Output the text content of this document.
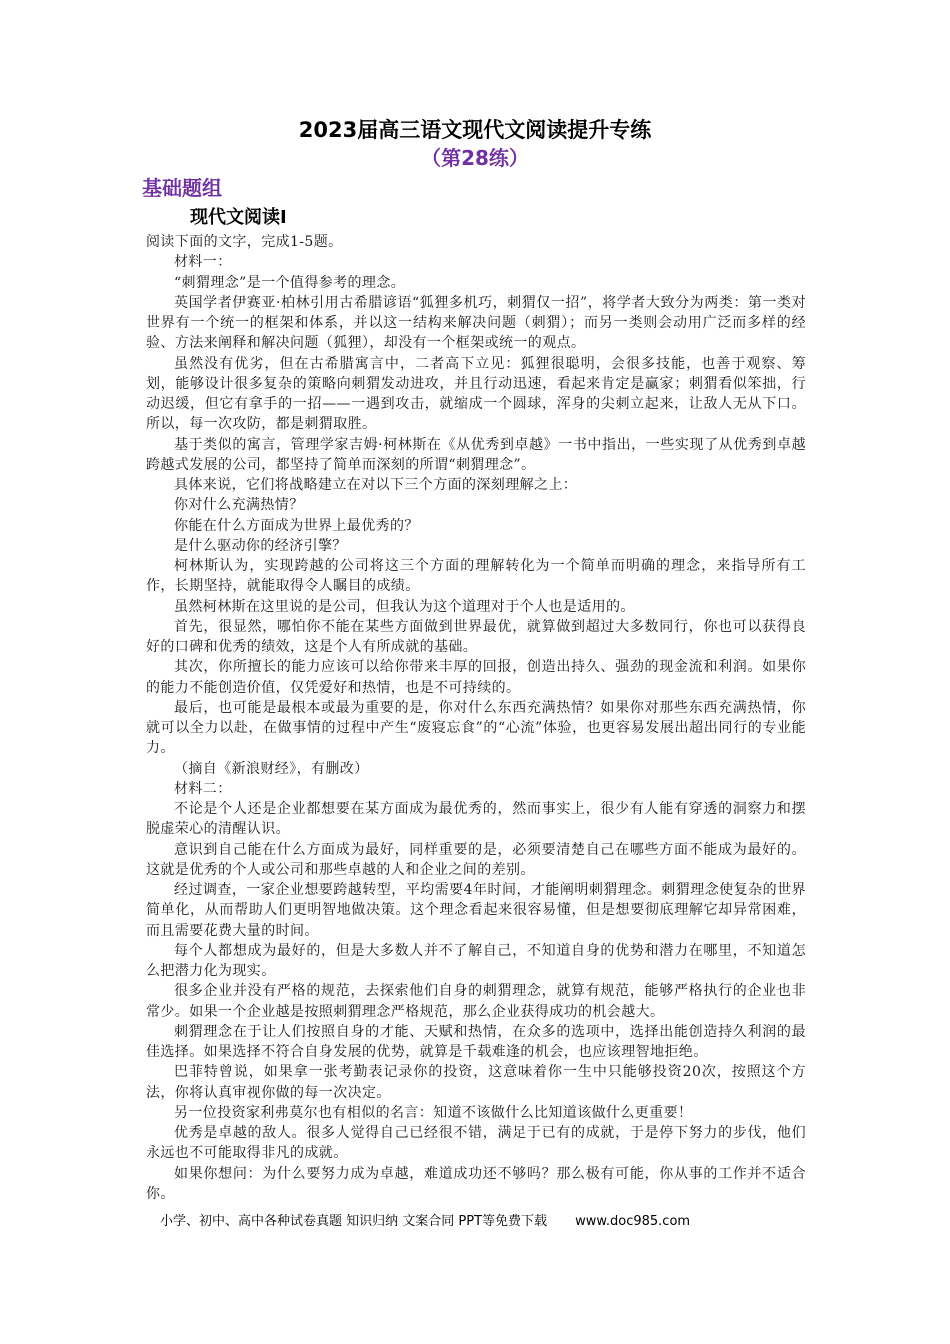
2023届高三语文现代文阅读提升专练
（第28练）
基础题组
现代文阅读Ⅰ

阅读下面的文字，完成1-5题。

材料一：

“刺猬理念”是一个值得参考的理念。

英国学者伊赛亚·柏林引用古希腊谚语“狐狸多机巧，刺猬仅一招”，将学者大致分为两类：第一类对世界有一个统一的框架和体系，并以这一结构来解决问题（刺猬）；而另一类则会动用广泛而多样的经验、方法来阐释和解决问题（狐狸），却没有一个框架或统一的观点。

虽然没有优劣，但在古希腊寓言中，二者高下立见：狐狸很聪明，会很多技能，也善于观察、筹划，能够设计很多复杂的策略向刺猬发动进攻，并且行动迅速，看起来肯定是赢家；刺猬看似笨拙，行动迟缓，但它有拿手的一招——一遇到攻击，就缩成一个圆球，浑身的尖刺立起来，让敌人无从下口。所以，每一次攻防，都是刺猬取胜。

基于类似的寓言，管理学家吉姆·柯林斯在《从优秀到卓越》一书中指出，一些实现了从优秀到卓越跨越式发展的公司，都坚持了简单而深刻的所谓“刺猬理念”。

具体来说，它们将战略建立在对以下三个方面的深刻理解之上：

你对什么充满热情？

你能在什么方面成为世界上最优秀的？

是什么驱动你的经济引擎？

柯林斯认为，实现跨越的公司将这三个方面的理解转化为一个简单而明确的理念，来指导所有工作，长期坚持，就能取得令人瞩目的成绩。

虽然柯林斯在这里说的是公司，但我认为这个道理对于个人也是适用的。

首先，很显然，哪怕你不能在某些方面做到世界最优，就算做到超过大多数同行，你也可以获得良好的口碑和优秀的绩效，这是个人有所成就的基础。

其次，你所擅长的能力应该可以给你带来丰厚的回报，创造出持久、强劲的现金流和利润。如果你的能力不能创造价值，仅凭爱好和热情，也是不可持续的。

最后，也可能是最根本或最为重要的是，你对什么东西充满热情？如果你对那些东西充满热情，你就可以全力以赴，在做事情的过程中产生“废寝忘食”的“心流”体验，也更容易发展出超出同行的专业能力。

（摘自《新浪财经》，有删改）

材料二：

不论是个人还是企业都想要在某方面成为最优秀的，然而事实上，很少有人能有穿透的洞察力和摆脱虚荣心的清醒认识。

意识到自己能在什么方面成为最好，同样重要的是，必须要清楚自己在哪些方面不能成为最好的。这就是优秀的个人或公司和那些卓越的人和企业之间的差别。

经过调查，一家企业想要跨越转型，平均需要4年时间，才能阐明刺猬理念。刺猬理念使复杂的世界简单化，从而帮助人们更明智地做决策。这个理念看起来很容易懂，但是想要彻底理解它却异常困难，而且需要花费大量的时间。

每个人都想成为最好的，但是大多数人并不了解自己，不知道自身的优势和潜力在哪里，不知道怎么把潜力化为现实。

很多企业并没有严格的规范，去探索他们自身的刺猬理念，就算有规范，能够严格执行的企业也非常少。如果一个企业越是按照刺猬理念严格规范，那么企业获得成功的机会越大。

刺猬理念在于让人们按照自身的才能、天赋和热情，在众多的选项中，选择出能创造持久利润的最佳选择。如果选择不符合自身发展的优势，就算是千载难逢的机会，也应该理智地拒绝。

巴菲特曾说，如果拿一张考勤表记录你的投资，这意味着你一生中只能够投资20次，按照这个方法，你将认真审视你做的每一次决定。

另一位投资家利弗莫尔也有相似的名言：知道不该做什么比知道该做什么更重要！

优秀是卓越的敌人。很多人觉得自己已经很不错，满足于已有的成就，于是停下努力的步伐，他们永远也不可能取得非凡的成就。

如果你想问：为什么要努力成为卓越，难道成功还不够吗？那么极有可能，你从事的工作并不适合你。

小学、初中、高中各种试卷真题 知识归纳 文案合同 PPT等免费下载 www.doc985.com
